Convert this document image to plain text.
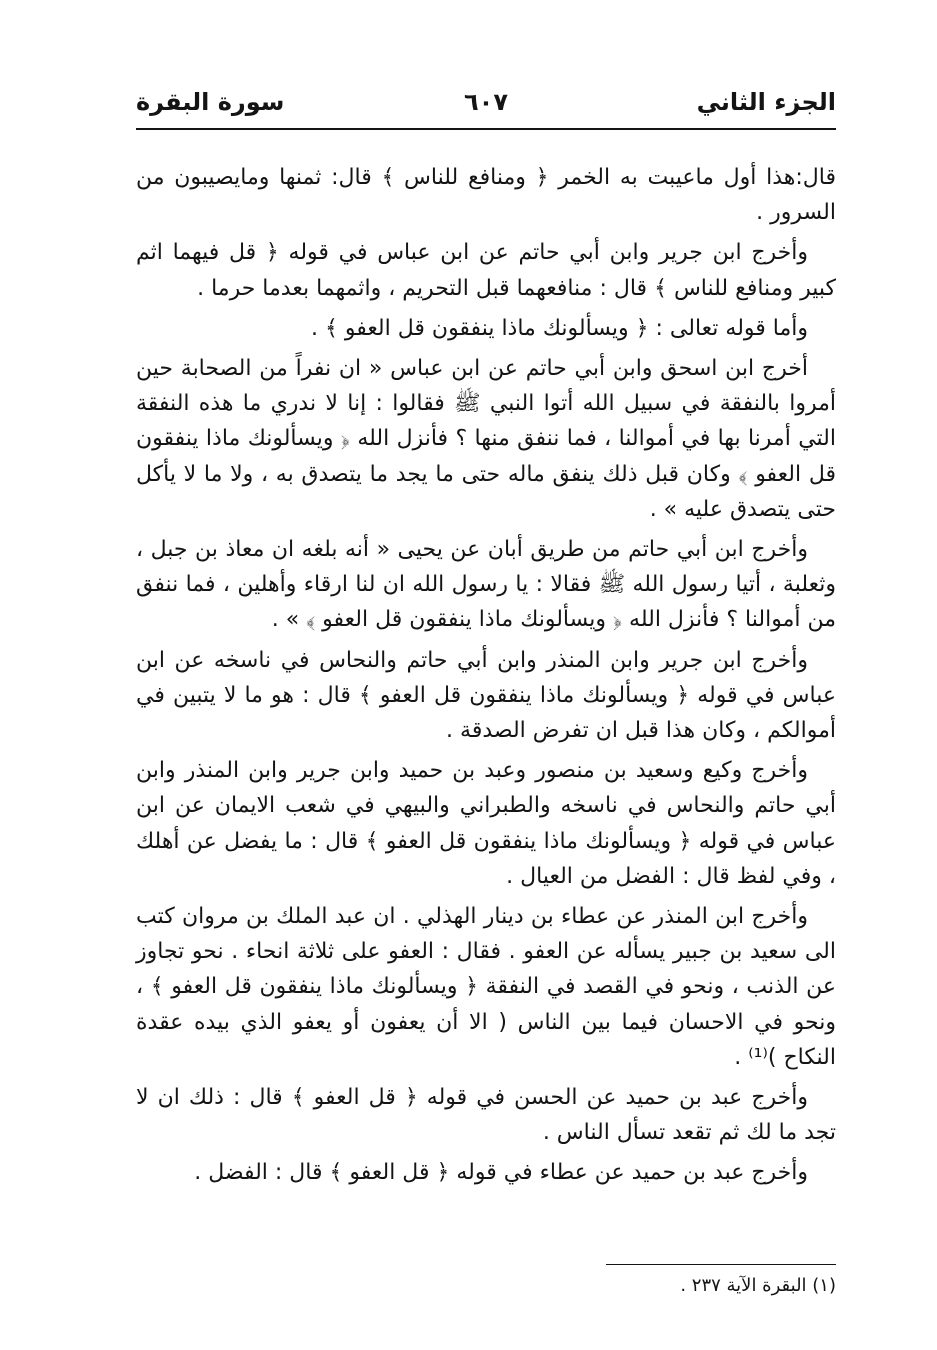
الجزء الثاني
٦٠٧
سورة البقرة

قال:هذا أول ماعيبت به الخمر ﴿ ومنافع للناس ﴾ قال: ثمنها ومايصيبون من السرور .

وأخرج ابن جرير وابن أبي حاتم عن ابن عباس في قوله ﴿ قل فيهما اثم كبير ومنافع للناس ﴾ قال : منافعهما قبل التحريم ، واثمهما بعدما حرما .

وأما قوله تعالى : ﴿ ويسألونك ماذا ينفقون قل العفو ﴾ .

أخرج ابن اسحق وابن أبي حاتم عن ابن عباس « ان نفراً من الصحابة حين أمروا بالنفقة في سبيل الله أتوا النبي ﷺ فقالوا : إنا لا ندري ما هذه النفقة التي أمرنا بها في أموالنا ، فما ننفق منها ؟ فأنزل الله ﴿ ويسألونك ماذا ينفقون قل العفو ﴾ وكان قبل ذلك ينفق ماله حتى ما يجد ما يتصدق به ، ولا ما لا يأكل حتى يتصدق عليه » .

وأخرج ابن أبي حاتم من طريق أبان عن يحيى « أنه بلغه ان معاذ بن جبل ، وثعلبة ، أتيا رسول الله ﷺ فقالا : يا رسول الله ان لنا ارقاء وأهلين ، فما ننفق من أموالنا ؟ فأنزل الله ﴿ ويسألونك ماذا ينفقون قل العفو ﴾ » .

وأخرج ابن جرير وابن المنذر وابن أبي حاتم والنحاس في ناسخه عن ابن عباس في قوله ﴿ ويسألونك ماذا ينفقون قل العفو ﴾ قال : هو ما لا يتبين في أموالكم ، وكان هذا قبل ان تفرض الصدقة .

وأخرج وكيع وسعيد بن منصور وعبد بن حميد وابن جرير وابن المنذر وابن أبي حاتم والنحاس في ناسخه والطبراني والبيهي في شعب الايمان عن ابن عباس في قوله ﴿ ويسألونك ماذا ينفقون قل العفو ﴾ قال : ما يفضل عن أهلك ، وفي لفظ قال : الفضل من العيال .

وأخرج ابن المنذر عن عطاء بن دينار الهذلي . ان عبد الملك بن مروان كتب الى سعيد بن جبير يسأله عن العفو . فقال : العفو على ثلاثة انحاء . نحو تجاوز عن الذنب ، ونحو في القصد في النفقة ﴿ ويسألونك ماذا ينفقون قل العفو ﴾ ، ونحو في الاحسان فيما بين الناس ( الا أن يعفون أو يعفو الذي بيده عقدة النكاح )⁽¹⁾ .

وأخرج عبد بن حميد عن الحسن في قوله ﴿ قل العفو ﴾ قال : ذلك ان لا تجد ما لك ثم تقعد تسأل الناس .

وأخرج عبد بن حميد عن عطاء في قوله ﴿ قل العفو ﴾ قال : الفضل .

(١) البقرة الآية ٢٣٧ .
